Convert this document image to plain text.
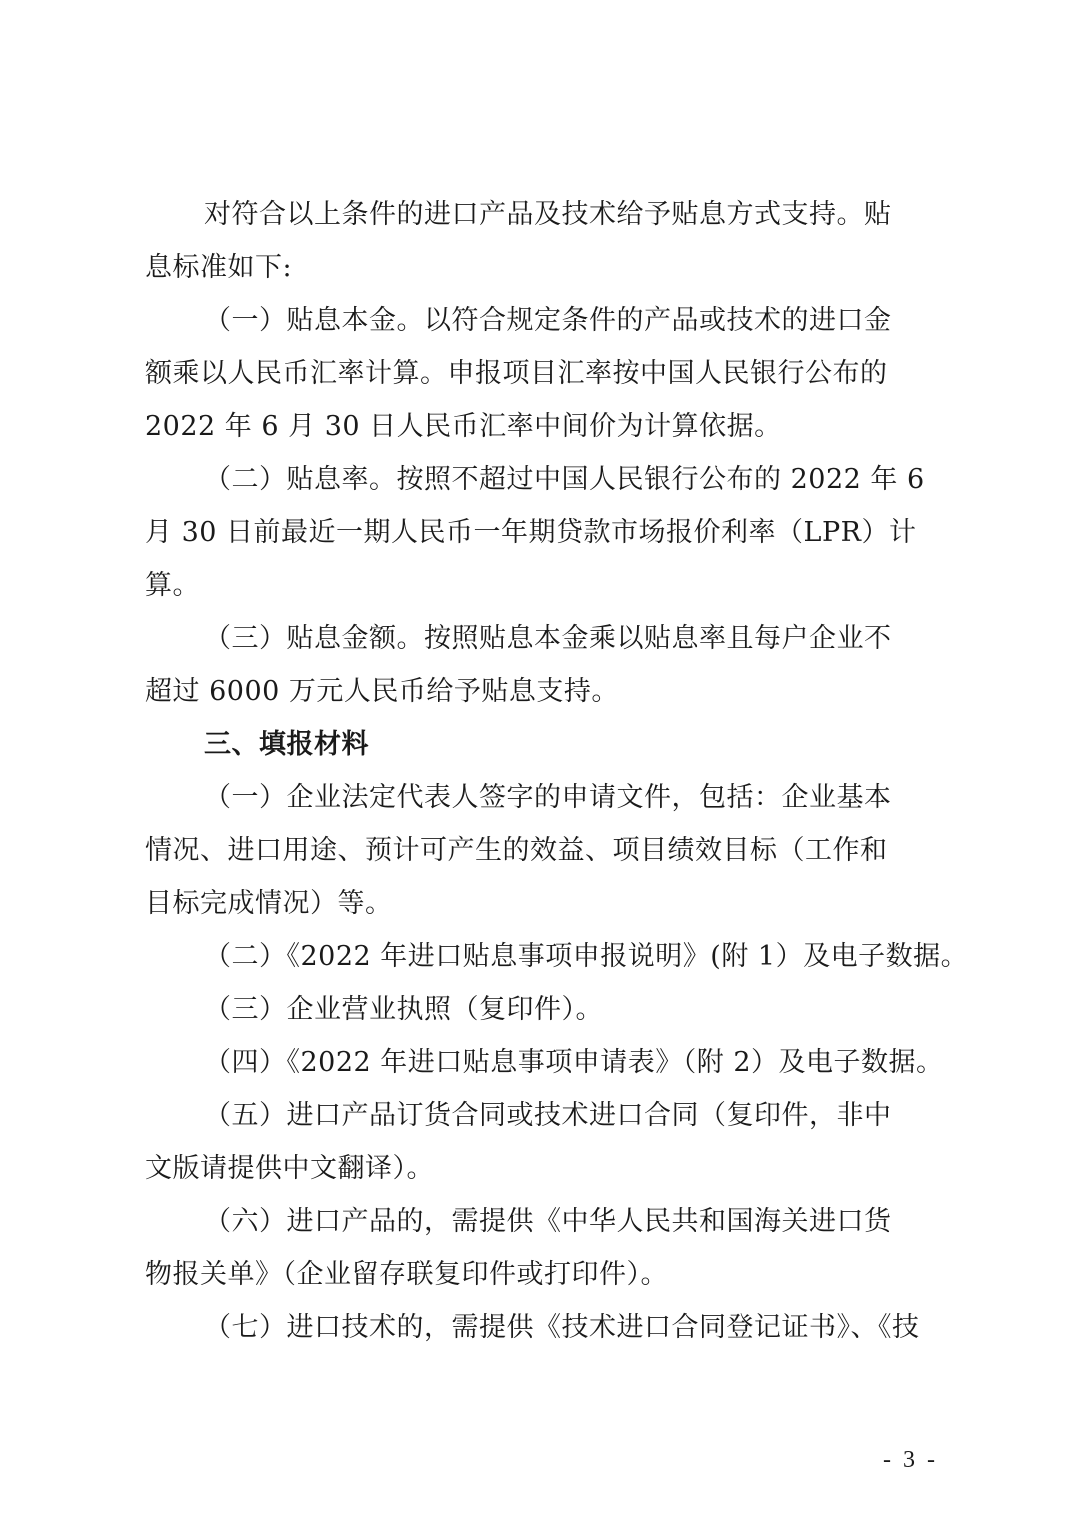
对符合以上条件的进口产品及技术给予贴息方式支持。贴
息标准如下:
（一）贴息本金。以符合规定条件的产品或技术的进口金
额乘以人民币汇率计算。申报项目汇率按中国人民银行公布的
2022 年 6 月 30 日人民币汇率中间价为计算依据。
（二）贴息率。按照不超过中国人民银行公布的 2022 年 6
月 30 日前最近一期人民币一年期贷款市场报价利率（LPR）计
算。
（三）贴息金额。按照贴息本金乘以贴息率且每户企业不
超过 6000 万元人民币给予贴息支持。
三、填报材料
（一）企业法定代表人签字的申请文件，包括：企业基本
情况、进口用途、预计可产生的效益、项目绩效目标（工作和
目标完成情况）等。
（二）《2022 年进口贴息事项申报说明》(附 1）及电子数据。
（三）企业营业执照（复印件）。
（四）《2022 年进口贴息事项申请表》（附 2）及电子数据。
（五）进口产品订货合同或技术进口合同（复印件，非中
文版请提供中文翻译）。
（六）进口产品的，需提供《中华人民共和国海关进口货
物报关单》（企业留存联复印件或打印件）。
（七）进口技术的，需提供《技术进口合同登记证书》、《技
- 3 -
